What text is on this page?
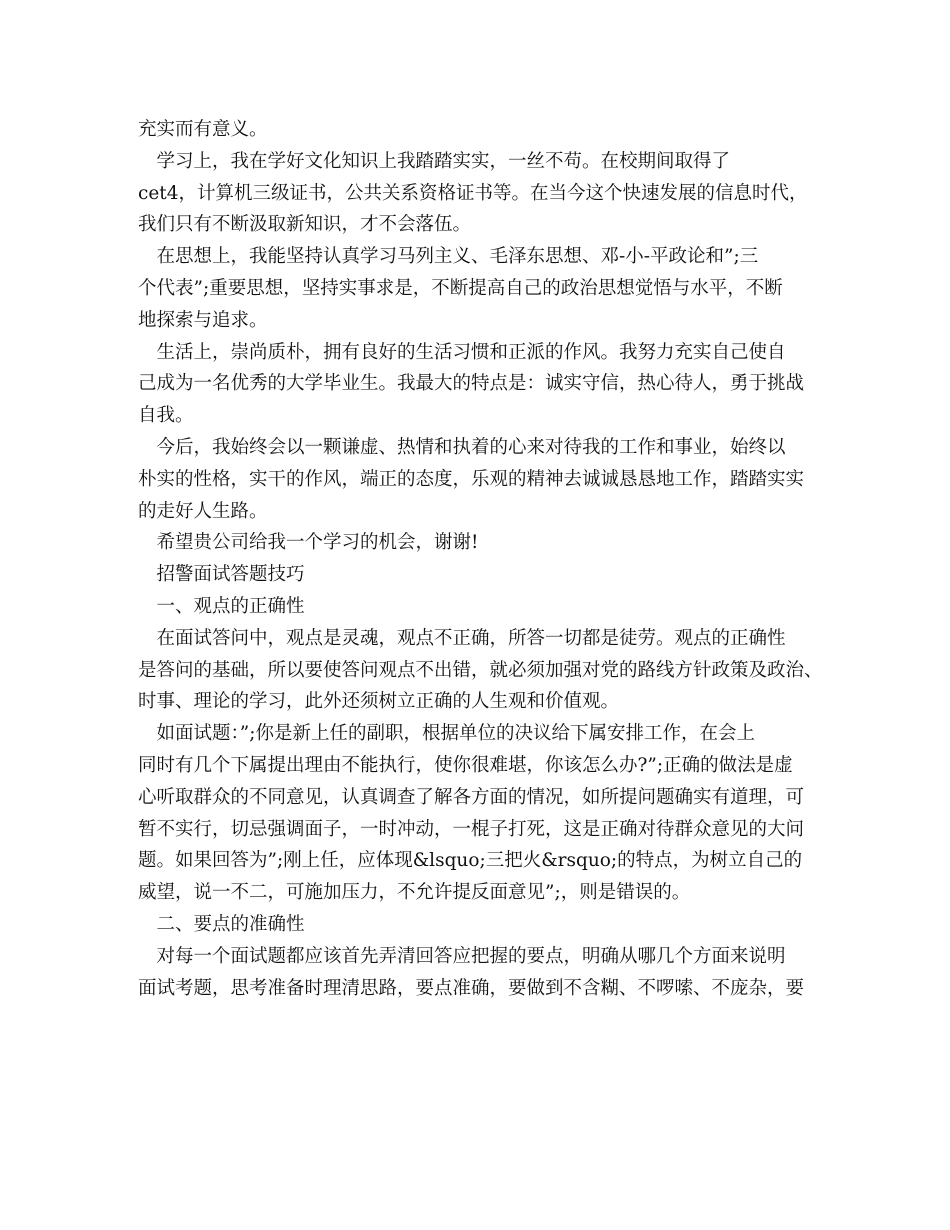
充实而有意义。
　学习上，我在学好文化知识上我踏踏实实，一丝不苟。在校期间取得了
cet4，计算机三级证书，公共关系资格证书等。在当今这个快速发展的信息时代，
我们只有不断汲取新知识，才不会落伍。
　在思想上，我能坚持认真学习马列主义、毛泽东思想、邓-小-平政论和”;三
个代表”;重要思想，坚持实事求是，不断提高自己的政治思想觉悟与水平，不断
地探索与追求。
　生活上，崇尚质朴，拥有良好的生活习惯和正派的作风。我努力充实自己使自
己成为一名优秀的大学毕业生。我最大的特点是：诚实守信，热心待人，勇于挑战
自我。
　今后，我始终会以一颗谦虚、热情和执着的心来对待我的工作和事业，始终以
朴实的性格，实干的作风，端正的态度，乐观的精神去诚诚恳恳地工作，踏踏实实
的走好人生路。
　希望贵公司给我一个学习的机会，谢谢!
　招警面试答题技巧
　一、观点的正确性
　在面试答问中，观点是灵魂，观点不正确，所答一切都是徒劳。观点的正确性
是答问的基础，所以要使答问观点不出错，就必须加强对党的路线方针政策及政治、
时事、理论的学习，此外还须树立正确的人生观和价值观。
　如面试题：”;你是新上任的副职，根据单位的决议给下属安排工作，在会上
同时有几个下属提出理由不能执行，使你很难堪，你该怎么办?”;正确的做法是虚
心听取群众的不同意见，认真调查了解各方面的情况，如所提问题确实有道理，可
暂不实行，切忌强调面子，一时冲动，一棍子打死，这是正确对待群众意见的大问
题。如果回答为”;刚上任，应体现&lsquo;三把火&rsquo;的特点，为树立自己的
威望，说一不二，可施加压力，不允许提反面意见”;，则是错误的。
　二、要点的准确性
　对每一个面试题都应该首先弄清回答应把握的要点，明确从哪几个方面来说明
面试考题，思考准备时理清思路，要点准确，要做到不含糊、不啰嗦、不庞杂，要
